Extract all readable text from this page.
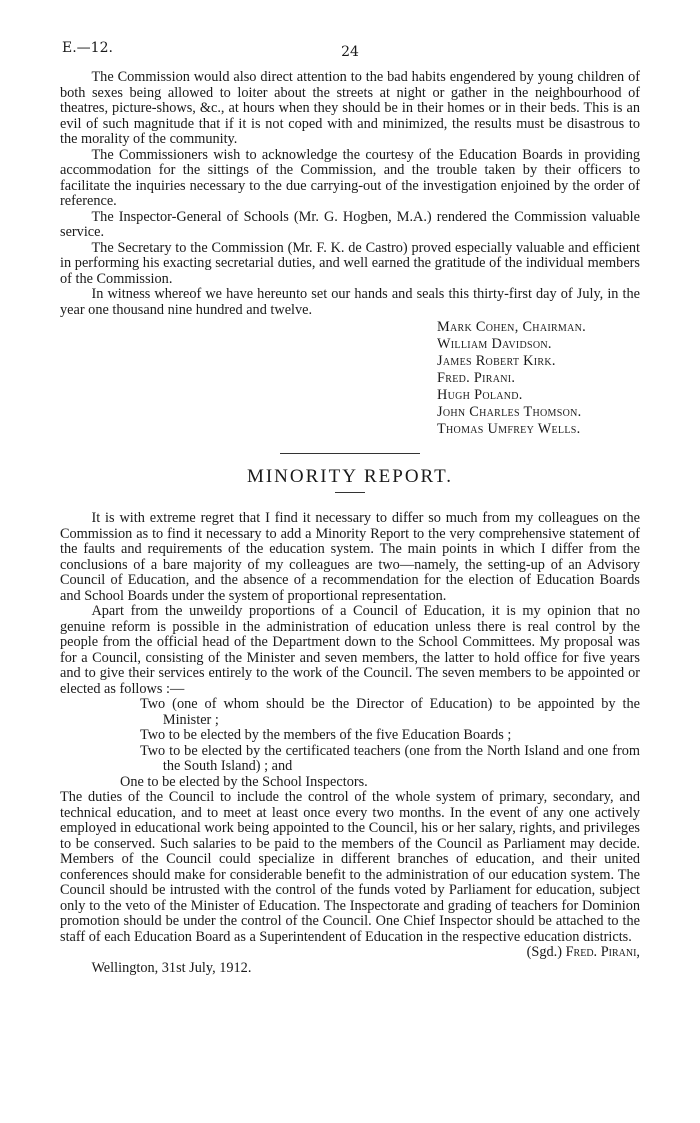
E.—12.	24

The Commission would also direct attention to the bad habits engendered by young children of both sexes being allowed to loiter about the streets at night or gather in the neighbourhood of theatres, picture-shows, &c., at hours when they should be in their homes or in their beds. This is an evil of such magnitude that if it is not coped with and minimized, the results must be disastrous to the morality of the community.

The Commissioners wish to acknowledge the courtesy of the Education Boards in providing accommodation for the sittings of the Commission, and the trouble taken by their officers to facilitate the inquiries necessary to the due carrying-out of the investigation enjoined by the order of reference.

The Inspector-General of Schools (Mr. G. Hogben, M.A.) rendered the Commission valuable service.

The Secretary to the Commission (Mr. F. K. de Castro) proved especially valuable and efficient in performing his exacting secretarial duties, and well earned the gratitude of the individual members of the Commission.

In witness whereof we have hereunto set our hands and seals this thirty-first day of July, in the year one thousand nine hundred and twelve.

Mark Cohen, Chairman.
William Davidson.
James Robert Kirk.
Fred. Pirani.
Hugh Poland.
John Charles Thomson.
Thomas Umfrey Wells.
MINORITY REPORT.

It is with extreme regret that I find it necessary to differ so much from my colleagues on the Commission as to find it necessary to add a Minority Report to the very comprehensive statement of the faults and requirements of the education system. The main points in which I differ from the conclusions of a bare majority of my colleagues are two—namely, the setting-up of an Advisory Council of Education, and the absence of a recommendation for the election of Education Boards and School Boards under the system of proportional representation.

Apart from the unweildy proportions of a Council of Education, it is my opinion that no genuine reform is possible in the administration of education unless there is real control by the people from the official head of the Department down to the School Committees. My proposal was for a Council, consisting of the Minister and seven members, the latter to hold office for five years and to give their services entirely to the work of the Council. The seven members to be appointed or elected as follows :—

Two (one of whom should be the Director of Education) to be appointed by the Minister ;
Two to be elected by the members of the five Education Boards ;
Two to be elected by the certificated teachers (one from the North Island and one from the South Island) ; and
One to be elected by the School Inspectors.

The duties of the Council to include the control of the whole system of primary, secondary, and technical education, and to meet at least once every two months. In the event of any one actively employed in educational work being appointed to the Council, his or her salary, rights, and privileges to be conserved. Such salaries to be paid to the members of the Council as Parliament may decide. Members of the Council could specialize in different branches of education, and their united conferences should make for considerable benefit to the administration of our education system. The Council should be intrusted with the control of the funds voted by Parliament for education, subject only to the veto of the Minister of Education. The Inspectorate and grading of teachers for Dominion promotion should be under the control of the Council. One Chief Inspector should be attached to the staff of each Education Board as a Superintendent of Education in the respective education districts.

(Sgd.) Fred. Pirani,
Wellington, 31st July, 1912.
